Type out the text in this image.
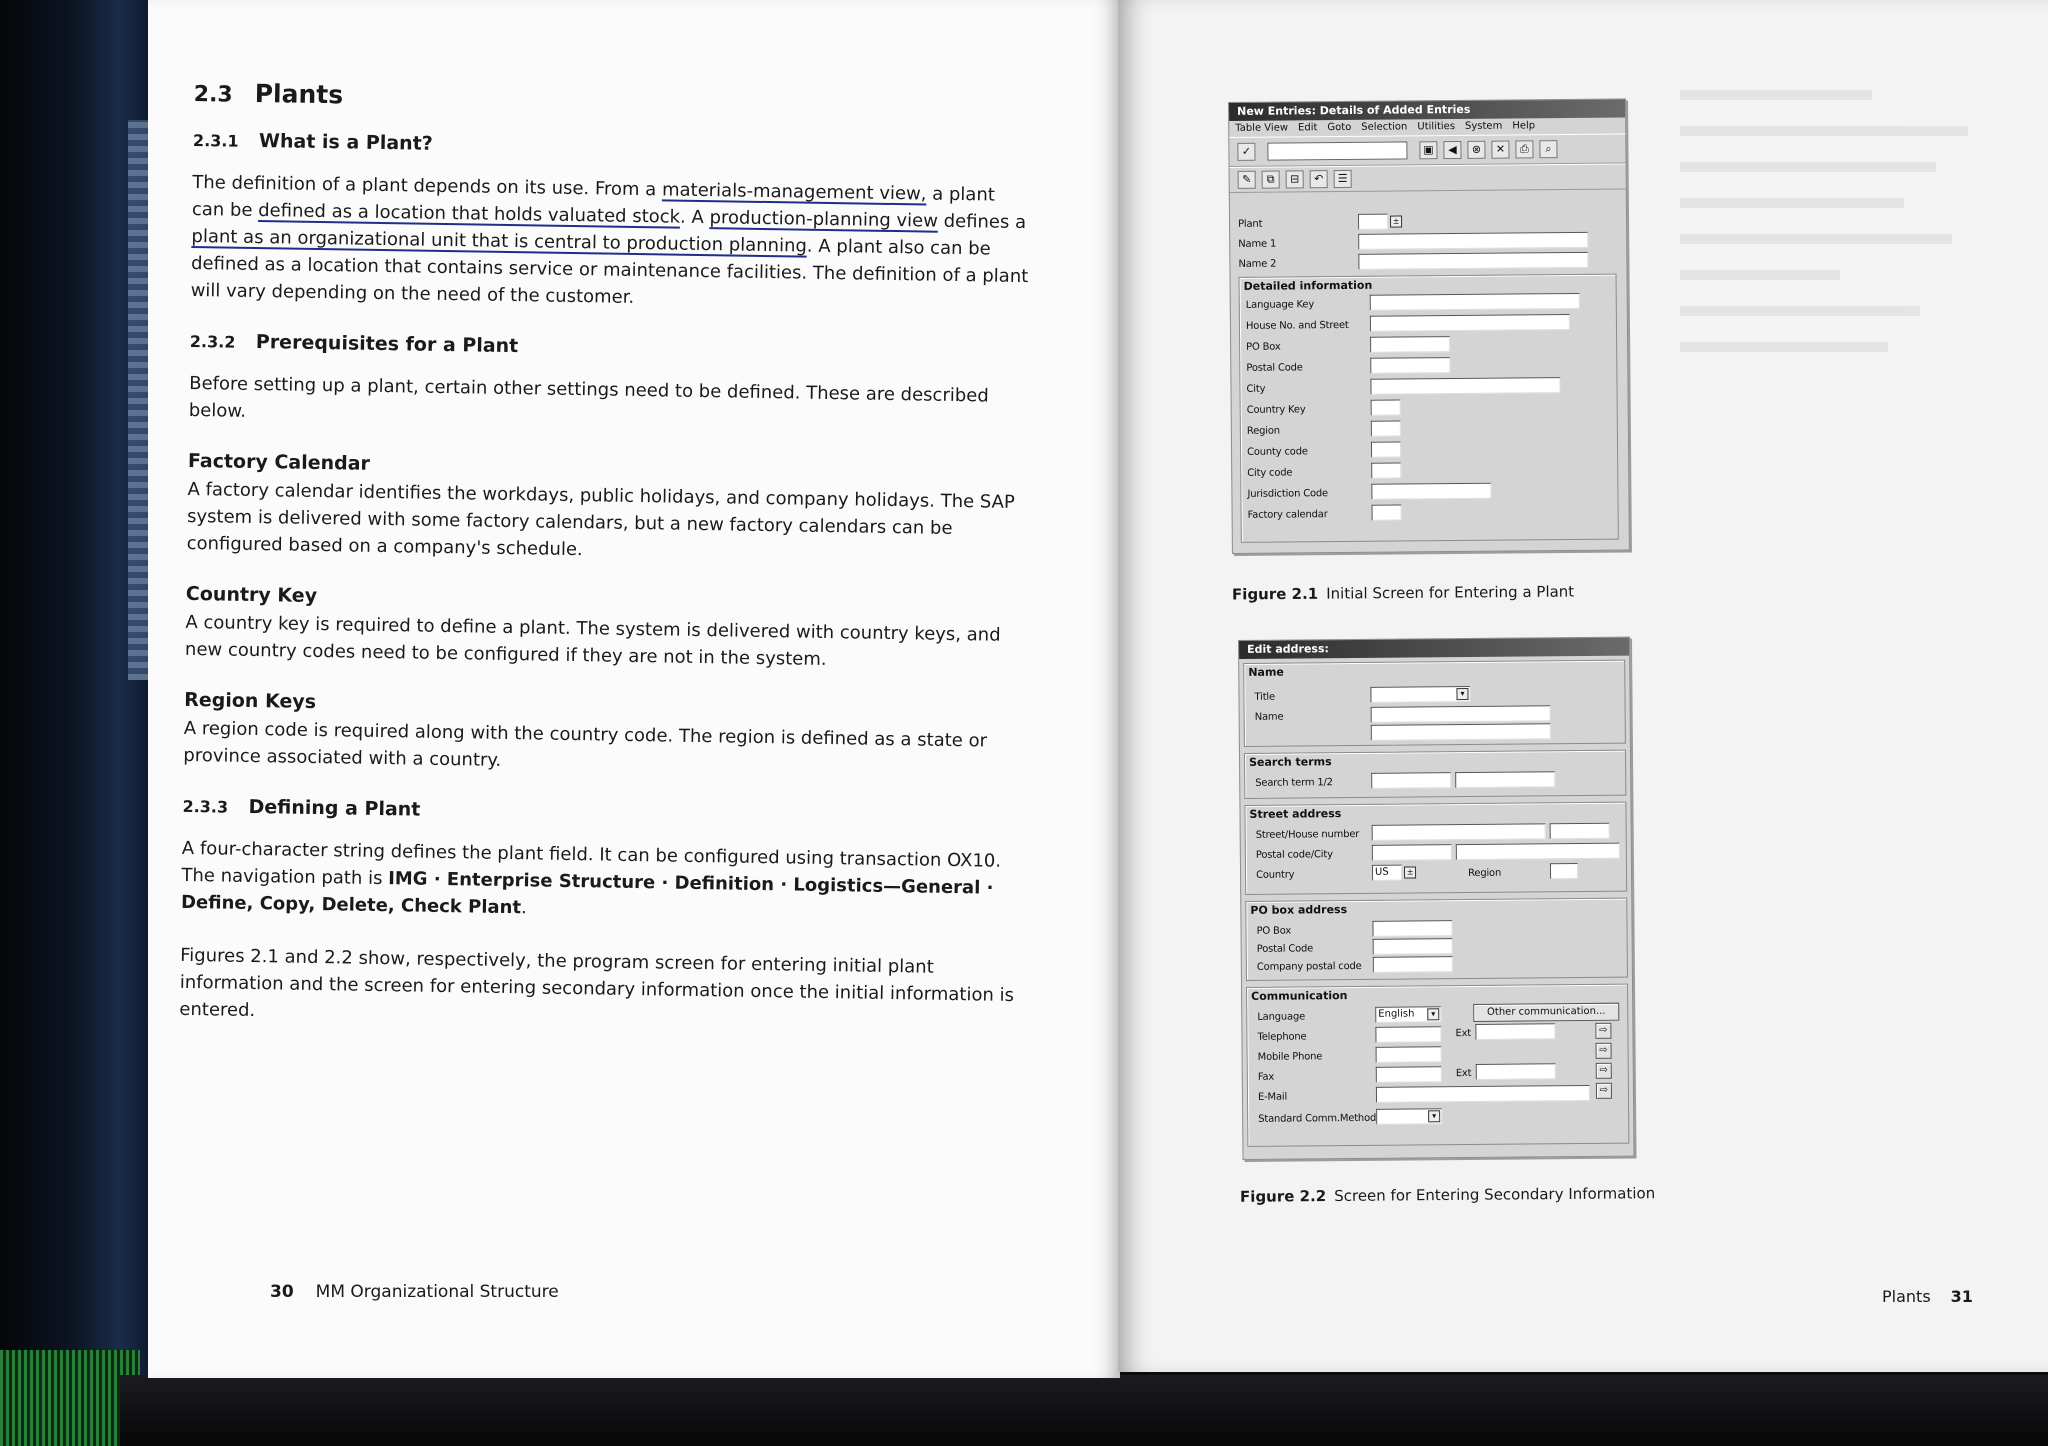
2.3 Plants
2.3.1 What is a Plant?
The definition of a plant depends on its use. From a materials-management view, a plant can be defined as a location that holds valuated stock. A production-planning view defines a plant as an organizational unit that is central to production planning. A plant also can be defined as a location that contains service or maintenance facilities. The definition of a plant will vary depending on the need of the customer.
2.3.2 Prerequisites for a Plant
Before setting up a plant, certain other settings need to be defined. These are described below.
Factory Calendar
A factory calendar identifies the workdays, public holidays, and company holidays. The SAP system is delivered with some factory calendars, but a new factory calendars can be configured based on a company's schedule.
Country Key
A country key is required to define a plant. The system is delivered with country keys, and new country codes need to be configured if they are not in the system.
Region Keys
A region code is required along with the country code. The region is defined as a state or province associated with a country.
2.3.3 Defining a Plant
A four-character string defines the plant field. It can be configured using transaction OX10. The navigation path is IMG · Enterprise Structure · Definition · Logistics—General · Define, Copy, Delete, Check Plant.
Figures 2.1 and 2.2 show, respectively, the program screen for entering initial plant information and the screen for entering secondary information once the initial information is entered.
30 MM Organizational Structure
New Entries: Details of Added Entries
Table View Edit Goto Selection Utilities System Help
✓	▣	◀	⊗	✕	⎙	⌕
✎	⧉	⊟	↶	☰
Plant	±
Name 1
Name 2
Detailed information
Language Key
House No. and Street
PO Box
Postal Code
City
Country Key
Region
County code
City code
Jurisdiction Code
Factory calendar
Figure 2.1 Initial Screen for Entering a Plant
Edit address:
Name
Title	▾
Name
Search terms
Search term 1/2
Street address
Street/House number
Postal code/City
Country	US	±	Region
PO box address
PO Box
Postal Code
Company postal code
Communication
Language	English	▾	Other communication...
Telephone	Ext	⇨
Mobile Phone
⇨
Fax	Ext	⇨
E-Mail
⇨
Standard Comm.Method	▾
Figure 2.2 Screen for Entering Secondary Information
Plants 31
